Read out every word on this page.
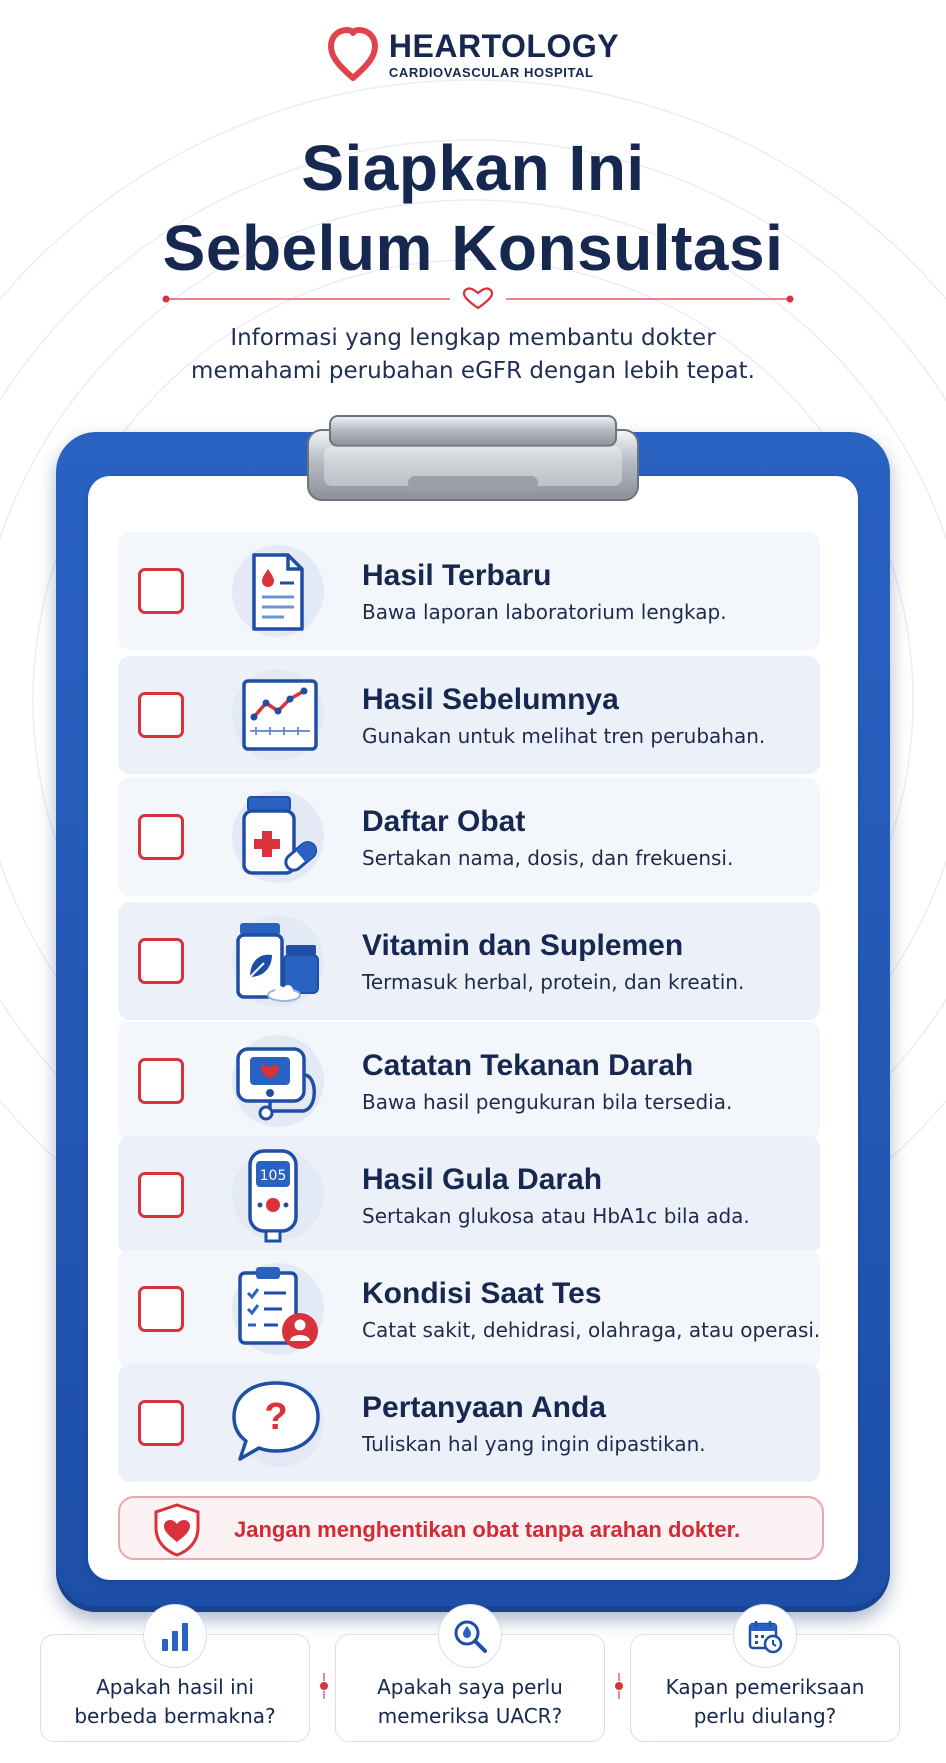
HEARTOLOGY
CARDIOVASCULAR HOSPITAL
Siapkan Ini
Sebelum Konsultasi

Informasi yang lengkap membantu dokter
memahami perubahan eGFR dengan lebih tepat.

Hasil Terbaru
Bawa laporan laboratorium lengkap.
Hasil Sebelumnya
Gunakan untuk melihat tren perubahan.
Daftar Obat
Sertakan nama, dosis, dan frekuensi.
Vitamin dan Suplemen
Termasuk herbal, protein, dan kreatin.
Catatan Tekanan Darah
Bawa hasil pengukuran bila tersedia.
105	Hasil Gula Darah
Sertakan glukosa atau HbA1c bila ada.
Kondisi Saat Tes
Catat sakit, dehidrasi, olahraga, atau operasi.
? Pertanyaan Anda
Tuliskan hal yang ingin dipastikan.
Jangan menghentikan obat tanpa arahan dokter.
Apakah hasil ini
berbeda bermakna?
Apakah saya perlu
memeriksa UACR?
Kapan pemeriksaan
perlu diulang?
